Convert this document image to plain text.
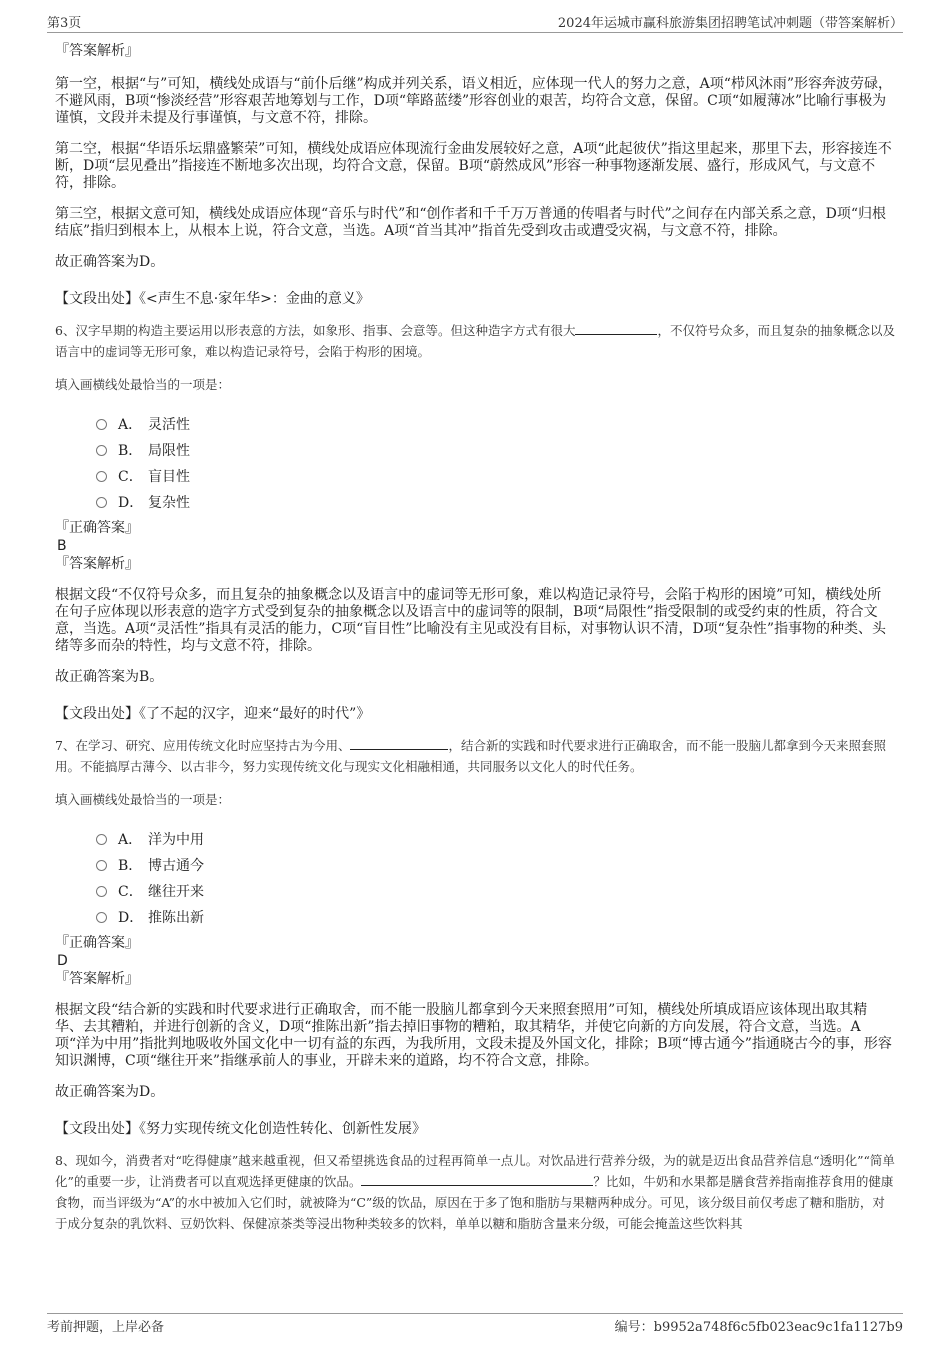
第3页	2024年运城市赢科旅游集团招聘笔试冲刺题（带答案解析）

『答案解析』

第一空，根据“与”可知，横线处成语与“前仆后继”构成并列关系，语义相近，应体现一代人的努力之意，A项“栉风沐雨”形容奔波劳碌，不避风雨，B项“惨淡经营”形容艰苦地筹划与工作，D项“筚路蓝缕”形容创业的艰苦，均符合文意，保留。C项“如履薄冰”比喻行事极为谨慎，文段并未提及行事谨慎，与文意不符，排除。

第二空，根据“华语乐坛鼎盛繁荣”可知，横线处成语应体现流行金曲发展较好之意，A项“此起彼伏”指这里起来，那里下去，形容接连不断，D项“层见叠出”指接连不断地多次出现，均符合文意，保留。B项“蔚然成风”形容一种事物逐渐发展、盛行，形成风气，与文意不符，排除。

第三空，根据文意可知，横线处成语应体现“音乐与时代”和“创作者和千千万万普通的传唱者与时代”之间存在内部关系之意，D项“归根结底”指归到根本上，从根本上说，符合文意，当选。A项“首当其冲”指首先受到攻击或遭受灾祸，与文意不符，排除。

故正确答案为D。

【文段出处】《<声生不息·家年华>：金曲的意义》

6、汉字早期的构造主要运用以形表意的方法，如象形、指事、会意等。但这种造字方式有很大	，不仅符号众多，而且复杂的抽象概念以及语言中的虚词等无形可象，难以构造记录符号，会陷于构形的困境。

填入画横线处最恰当的一项是：

A． 灵活性
B． 局限性
C． 盲目性
D． 复杂性

『正确答案』

B

『答案解析』

根据文段“不仅符号众多，而且复杂的抽象概念以及语言中的虚词等无形可象，难以构造记录符号，会陷于构形的困境”可知，横线处所在句子应体现以形表意的造字方式受到复杂的抽象概念以及语言中的虚词等的限制，B项“局限性”指受限制的或受约束的性质，符合文意，当选。A项“灵活性”指具有灵活的能力，C项“盲目性”比喻没有主见或没有目标，对事物认识不清，D项“复杂性”指事物的种类、头绪等多而杂的特性，均与文意不符，排除。

故正确答案为B。

【文段出处】《了不起的汉字，迎来“最好的时代”》

7、在学习、研究、应用传统文化时应坚持古为今用、	，结合新的实践和时代要求进行正确取舍，而不能一股脑儿都拿到今天来照套照用。不能搞厚古薄今、以古非今，努力实现传统文化与现实文化相融相通，共同服务以文化人的时代任务。

填入画横线处最恰当的一项是：

A． 洋为中用
B． 博古通今
C． 继往开来
D． 推陈出新

『正确答案』

D

『答案解析』

根据文段“结合新的实践和时代要求进行正确取舍，而不能一股脑儿都拿到今天来照套照用”可知，横线处所填成语应该体现出取其精华、去其糟粕，并进行创新的含义，D项“推陈出新”指去掉旧事物的糟粕，取其精华，并使它向新的方向发展，符合文意，当选。A项“洋为中用”指批判地吸收外国文化中一切有益的东西，为我所用，文段未提及外国文化，排除；B项“博古通今”指通晓古今的事，形容知识渊博，C项“继往开来”指继承前人的事业，开辟未来的道路，均不符合文意，排除。

故正确答案为D。

【文段出处】《努力实现传统文化创造性转化、创新性发展》

8、现如今，消费者对“吃得健康”越来越重视，但又希望挑选食品的过程再简单一点儿。对饮品进行营养分级，为的就是迈出食品营养信息“透明化”“简单化”的重要一步，让消费者可以直观选择更健康的饮品。	？比如，牛奶和水果都是膳食营养指南推荐食用的健康食物，而当评级为“A”的水中被加入它们时，就被降为“C”级的饮品，原因在于多了饱和脂肪与果糖两种成分。可见，该分级目前仅考虑了糖和脂肪，对于成分复杂的乳饮料、豆奶饮料、保健凉茶类等浸出物种类较多的饮料，单单以糖和脂肪含量来分级，可能会掩盖这些饮料其

考前押题，上岸必备	编号：b9952a748f6c5fb023eac9c1fa1127b9
